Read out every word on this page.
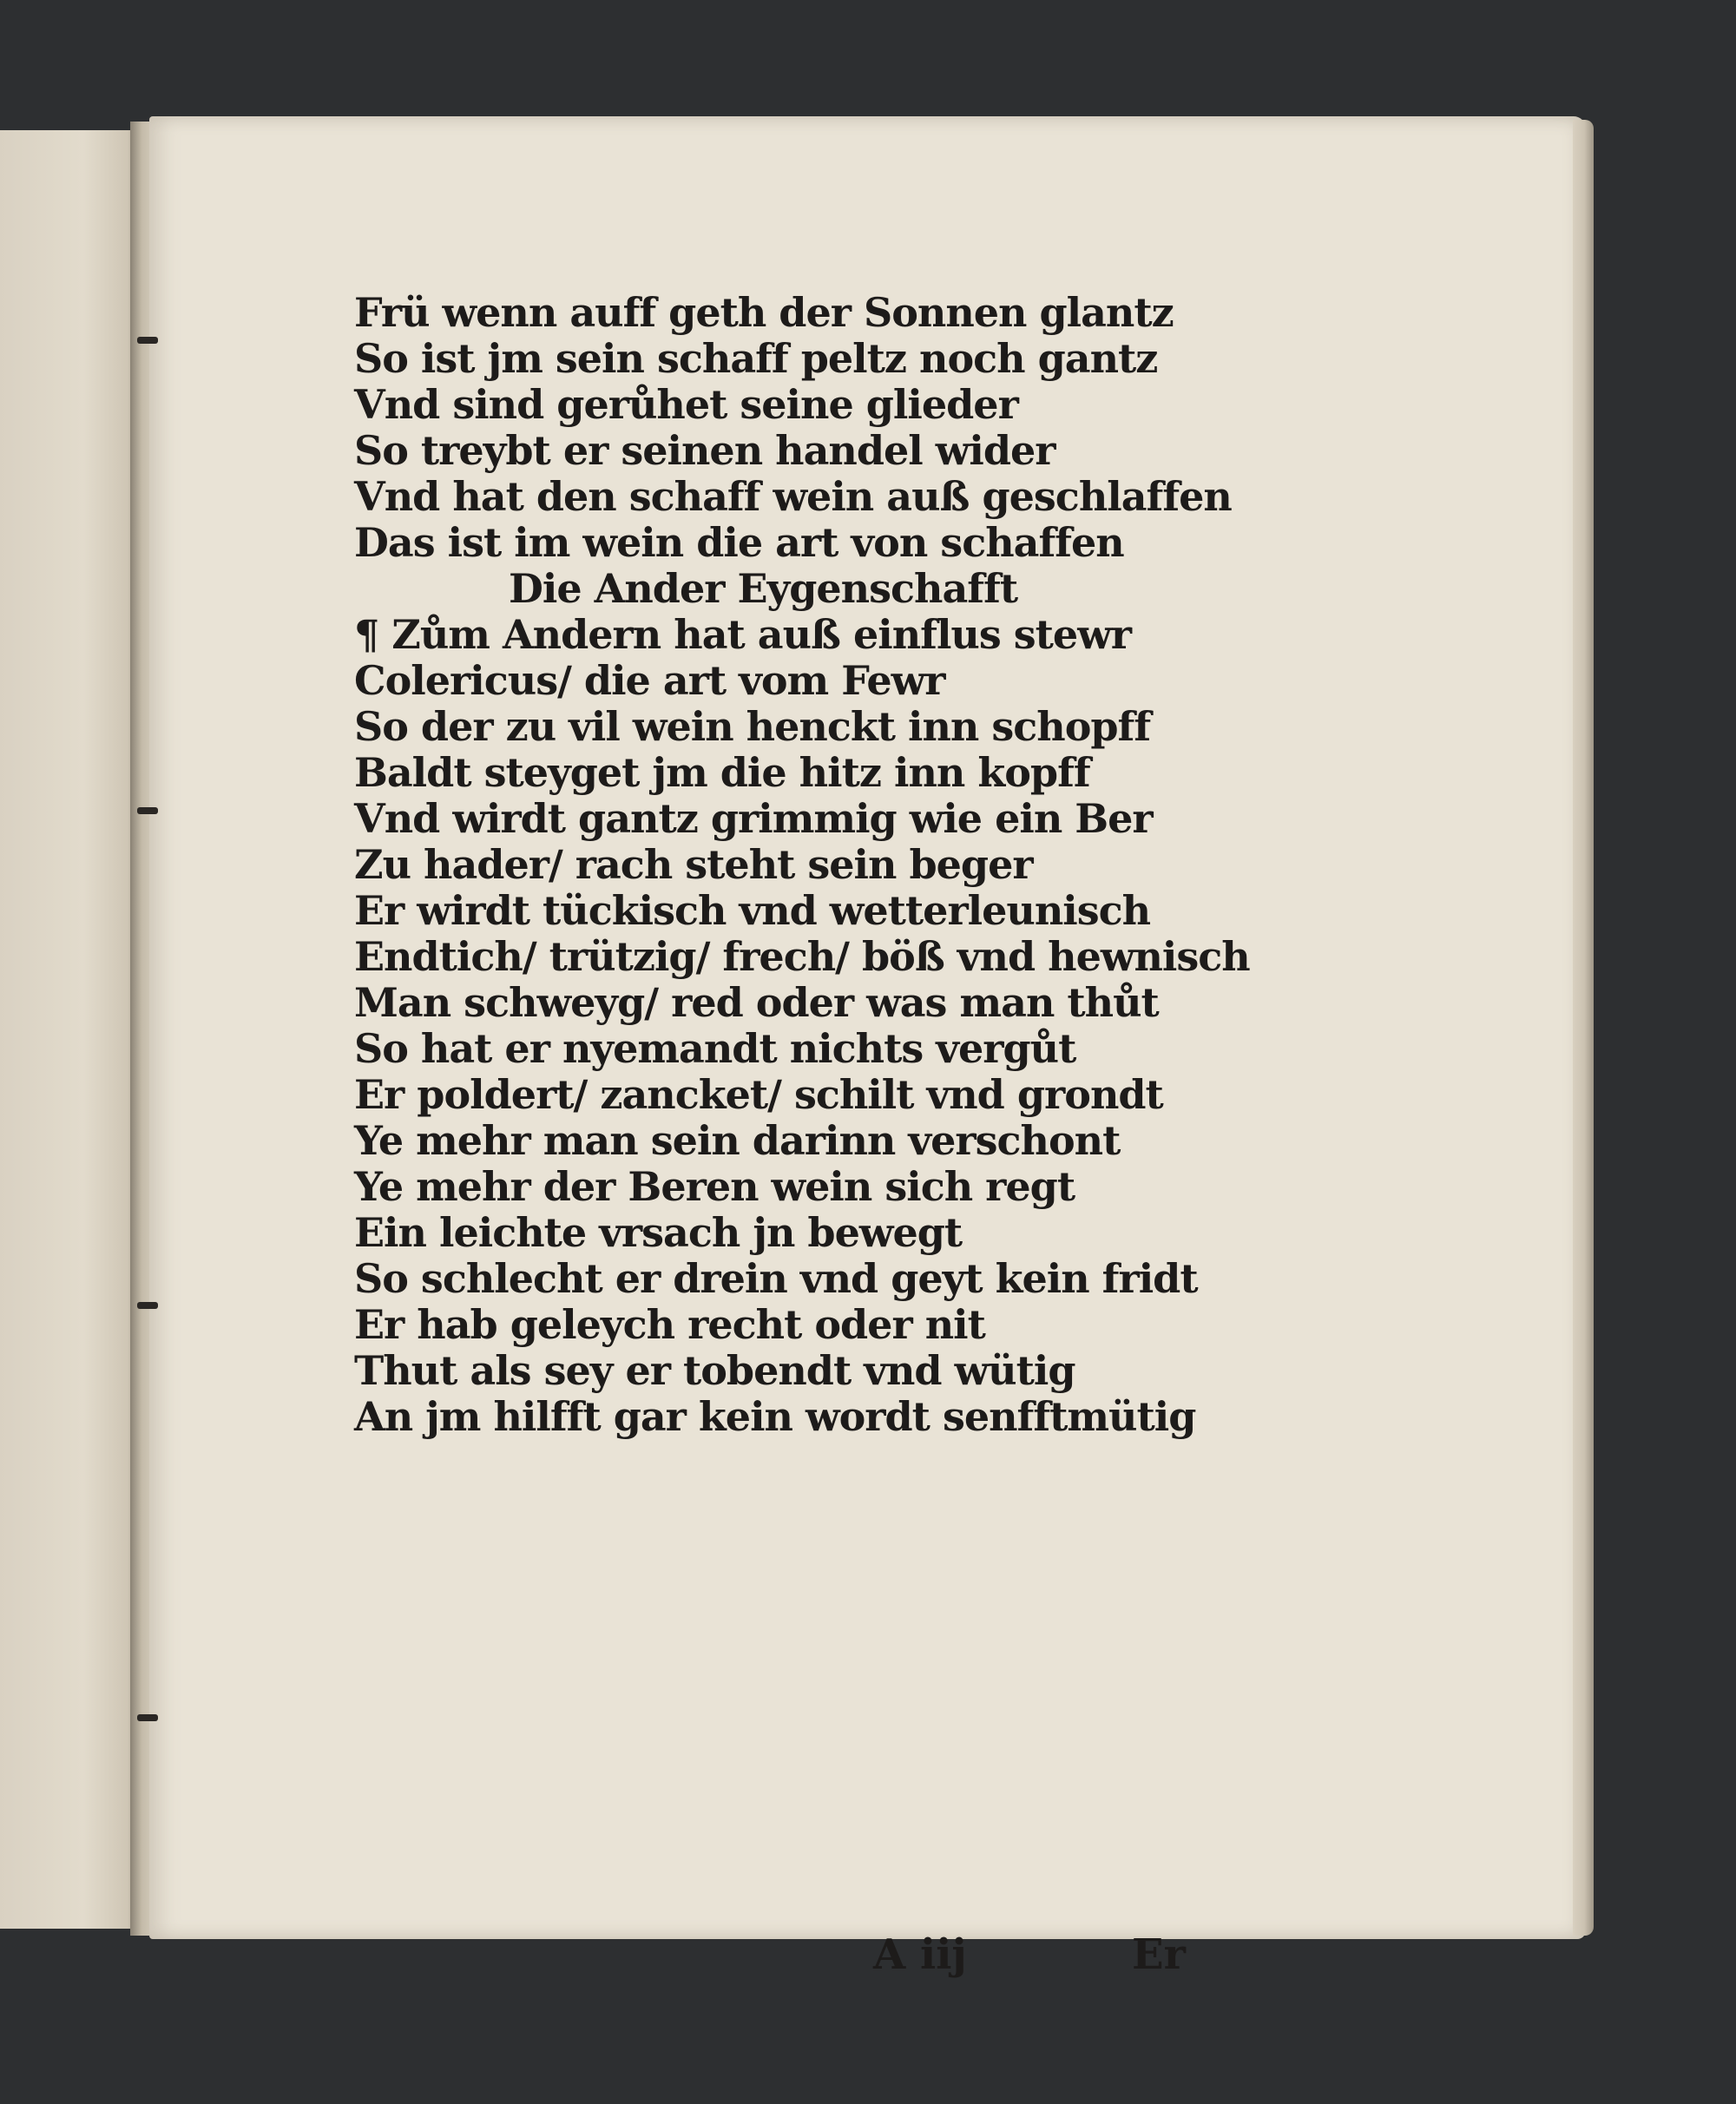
Frü wenn auff geth der Sonnen glantz
So ist jm sein schaff peltz noch gantz
Vnd sind gerůhet seine glieder
So treybt er seinen handel wider
Vnd hat den schaff wein auß geschlaffen
Das ist im wein die art von schaffen
Die Ander Eygenschafft
¶ Zům Andern hat auß einflus stewr
Colericus/ die art vom Fewr
So der zu vil wein henckt inn schopff
Baldt steyget jm die hitz inn kopff
Vnd wirdt gantz grimmig wie ein Ber
Zu hader/ rach steht sein beger
Er wirdt tückisch vnd wetterleunisch
Endtich/ trützig/ frech/ böß vnd hewnisch
Man schweyg/ red oder was man thůt
So hat er nyemandt nichts vergůt
Er poldert/ zancket/ schilt vnd grondt
Ye mehr man sein darinn verschont
Ye mehr der Beren wein sich regt
Ein leichte vrsach jn bewegt
So schlecht er drein vnd geyt kein fridt
Er hab geleych recht oder nit
Thut als sey er tobendt vnd wütig
An jm hilfft gar kein wordt senfftmütig
A iij	Er
